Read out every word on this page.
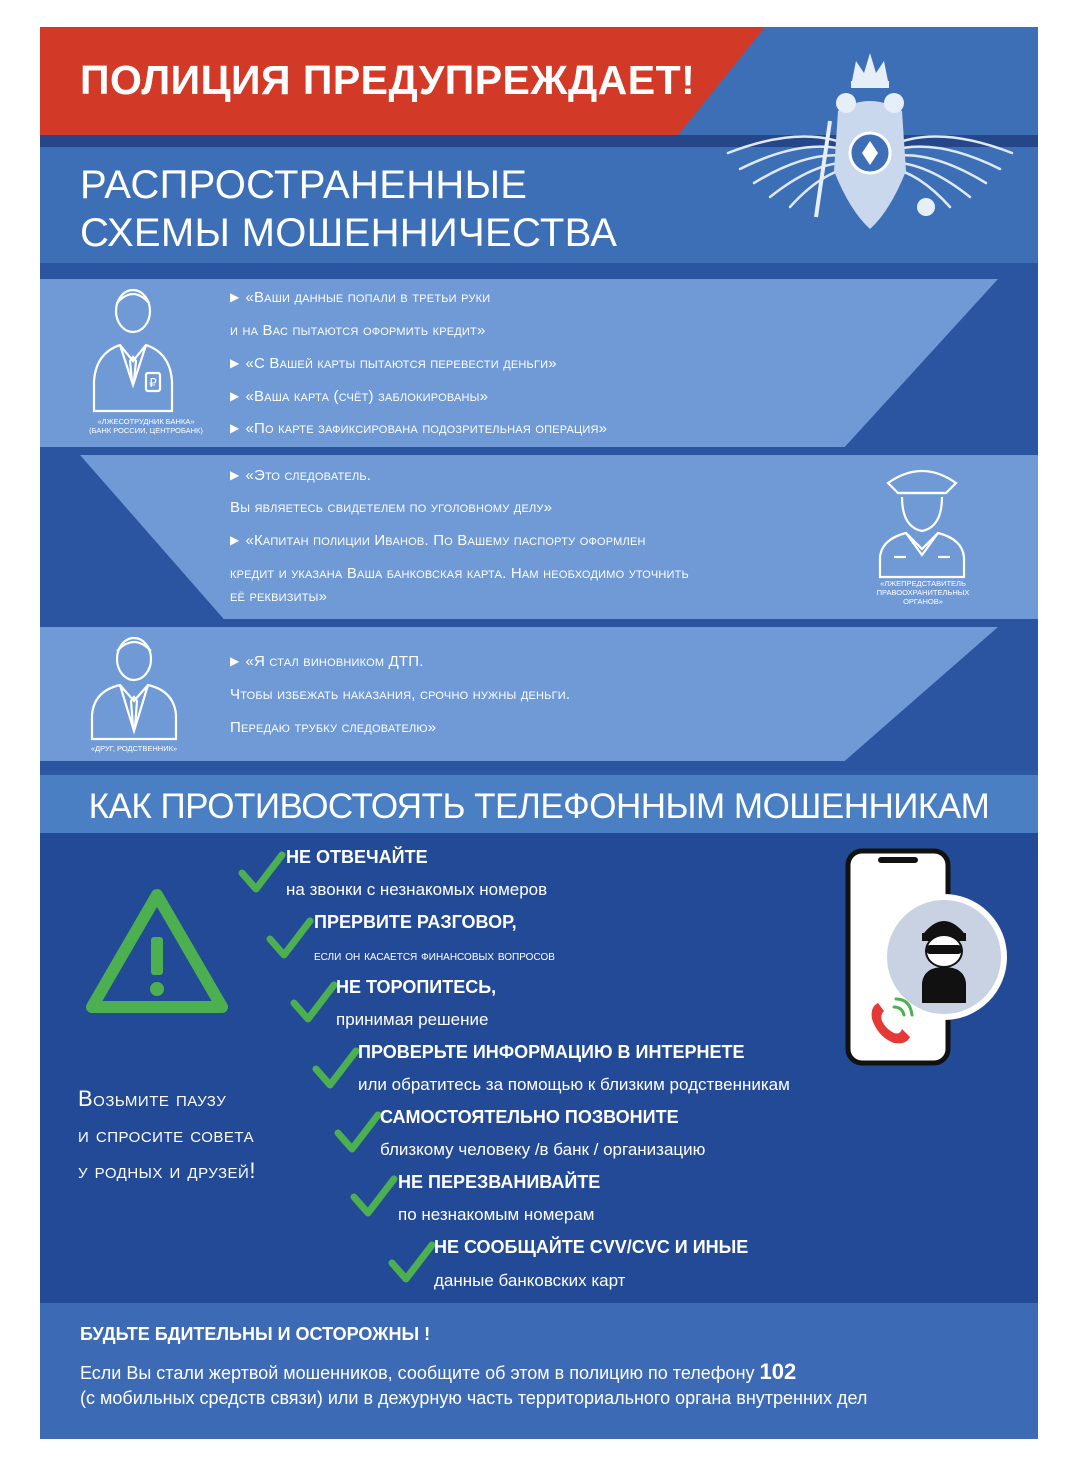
ПОЛИЦИЯ ПРЕДУПРЕЖДАЕТ!
РАСПРОСТРАНЕННЫЕ
СХЕМЫ МОШЕННИЧЕСТВА
₽
«ЛЖЕСОТРУДНИК БАНКА»
(БАНК РОССИИ, ЦЕНТРОБАНК)
▶ «Ваши данные попали в третьи руки
и на Вас пытаются оформить кредит»
▶ «С Вашей карты пытаются перевести деньги»
▶ «Ваша карта (счёт) заблокированы»
▶ «По карте зафиксирована подозрительная операция»
▶ «Это следователь.
Вы являетесь свидетелем по уголовному делу»
▶ «Капитан полиции Иванов. По Вашему паспорту оформлен
кредит и указана Ваша банковская карта. Нам необходимо уточнить
её реквизиты»
«ЛЖЕПРЕДСТАВИТЕЛЬ
ПРАВООХРАНИТЕЛЬНЫХ
ОРГАНОВ»
«ДРУГ, РОДСТВЕННИК»
▶ «Я стал виновником ДТП.
Чтобы избежать наказания, срочно нужны деньги.
Передаю трубку следователю»
КАК ПРОТИВОСТОЯТЬ ТЕЛЕФОННЫМ МОШЕННИКАМ
Возьмите паузу
и спросите совета
у родных и друзей!
НЕ ОТВЕЧАЙТЕ
на звонки с незнакомых номеров
ПРЕРВИТЕ РАЗГОВОР,
если он касается финансовых вопросов
НЕ ТОРОПИТЕСЬ,
принимая решение
ПРОВЕРЬТЕ ИНФОРМАЦИЮ В ИНТЕРНЕТЕ
или обратитесь за помощью к близким родственникам
САМОСТОЯТЕЛЬНО ПОЗВОНИТЕ
близкому человеку /в банк / организацию
НЕ ПЕРЕЗВАНИВАЙТЕ
по незнакомым номерам
НЕ СООБЩАЙТЕ CVV/CVC И ИНЫЕ
данные банковских карт
БУДЬТЕ БДИТЕЛЬНЫ И ОСТОРОЖНЫ !
Если Вы стали жертвой мошенников, сообщите об этом в полицию по телефону 102
(с мобильных средств связи) или в дежурную часть территориального органа внутренних дел
